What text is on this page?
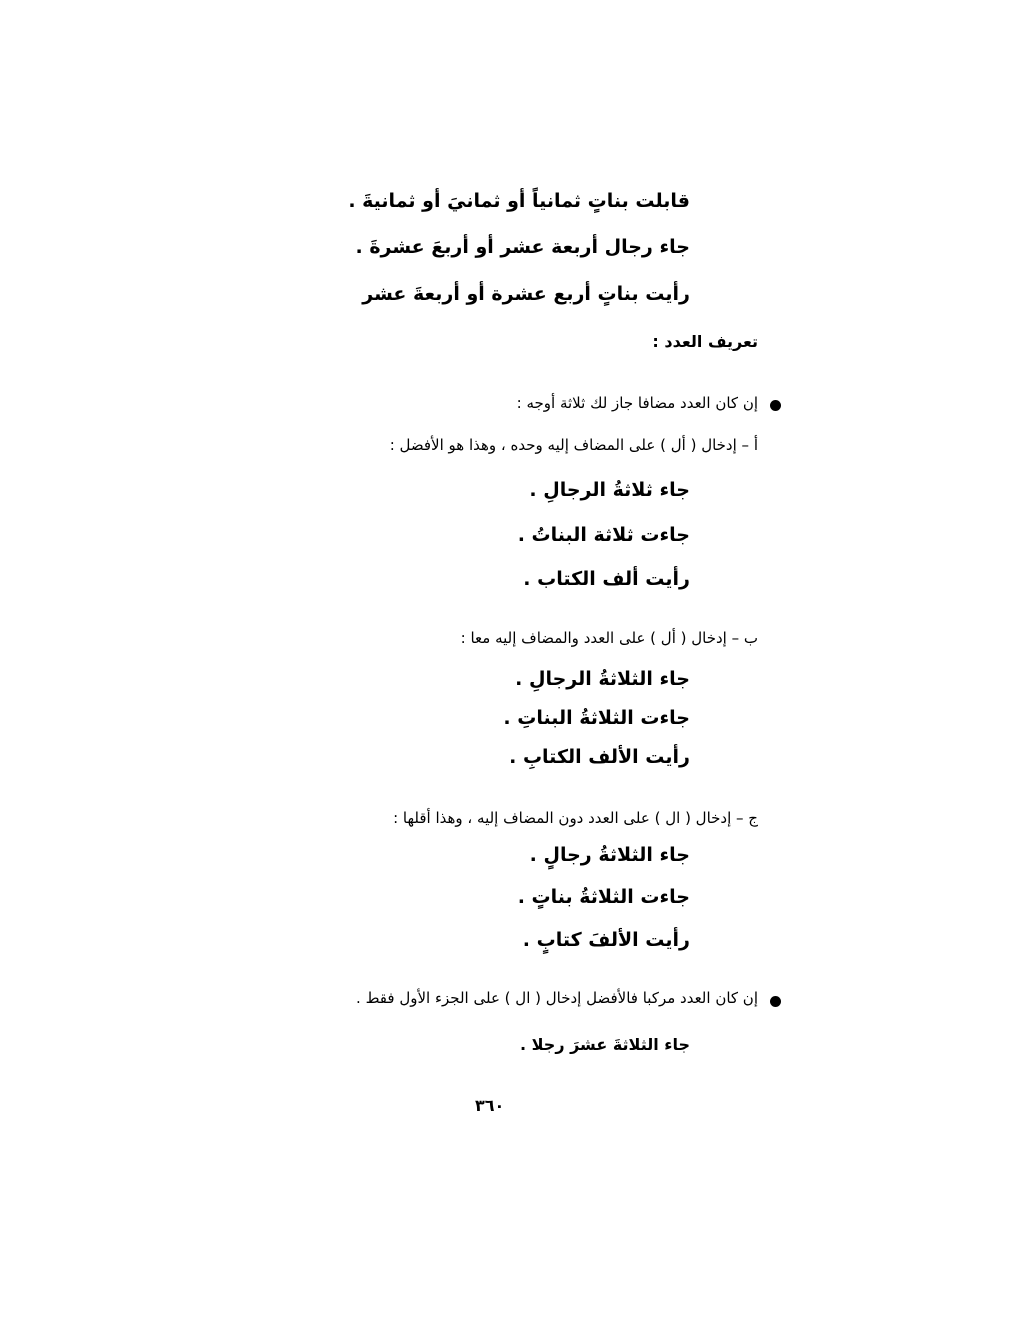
قابلت بناتٍ ثمانياً أو ثمانيَ أو ثمانيةَ .
جاء رجال أربعة عشر أو أربعَ عشرةَ .
رأيت بناتٍ أربع عشرة أو أربعةَ عشر
تعريف العدد :
إن كان العدد مضافا جاز لك ثلاثة أوجه :
أ – إدخال ( أل ) على المضاف إليه وحده ، وهذا هو الأفضل :
جاء ثلاثةُ الرجالِ .
جاءت ثلاثة البناتُ .
رأيت ألف الكتاب .
ب – إدخال ( أل ) على العدد والمضاف إليه معا :
جاء الثلاثةُ الرجالِ .
جاءت الثلاثةُ البناتِ .
رأيت الألف الكتابِ .
ج – إدخال ( ال ) على العدد دون المضاف إليه ، وهذا أقلها :
جاء الثلاثةُ رجالٍ .
جاءت الثلاثةُ بناتٍ .
رأيت الألفَ كتابٍ .
إن كان العدد مركبا فالأفضل إدخال ( ال ) على الجزء الأول فقط .
جاء الثلاثةَ عشرَ رجلا .
٣٦٠
